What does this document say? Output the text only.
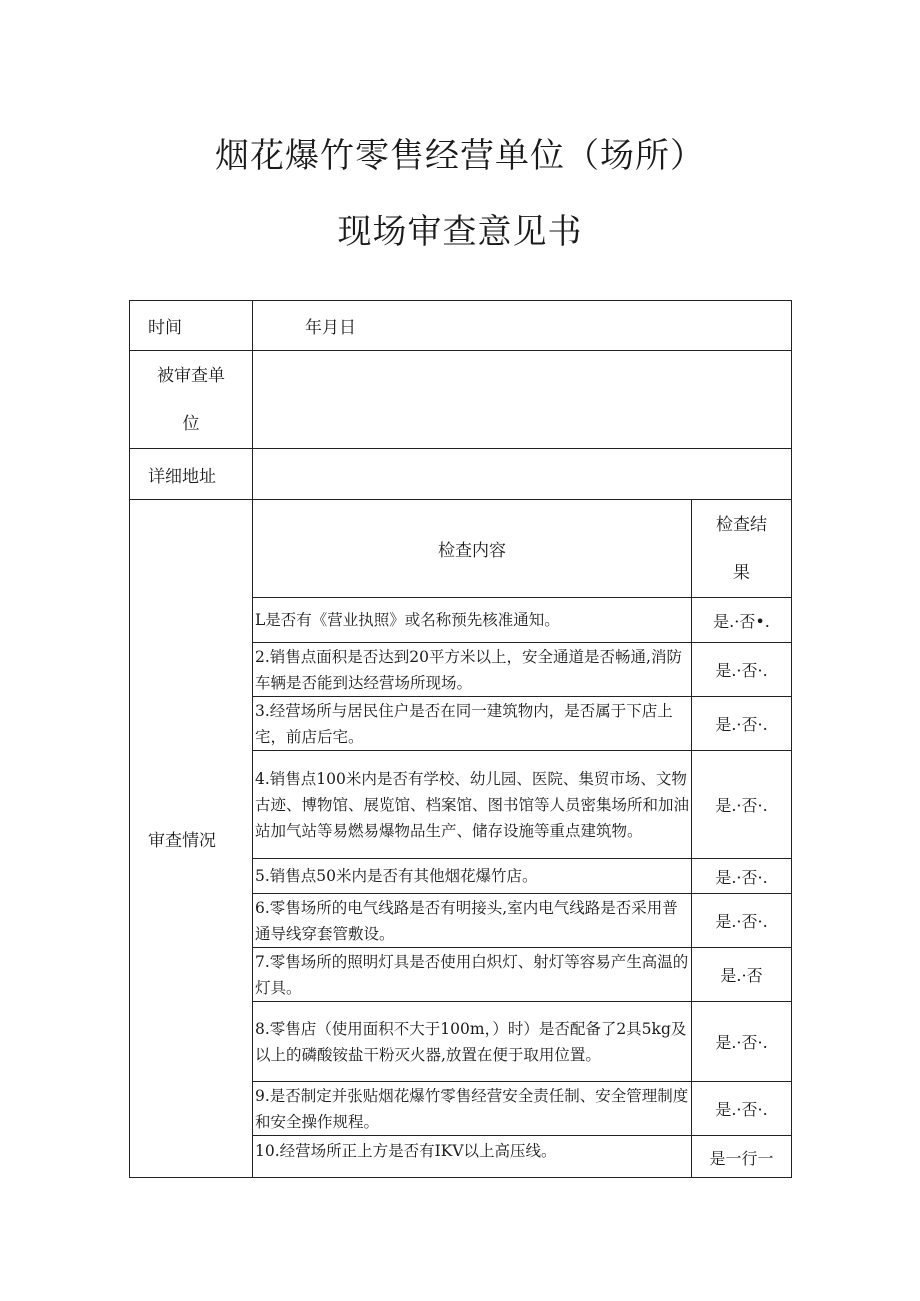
烟花爆竹零售经营单位（场所）
现场审查意见书
时间	年月日	

被审查单
位		

详细地址		
审查情况	检查内容	检查结
果

	L是否有《营业执照》或名称预先核准通知。	是.·否•.
	2.销售点面积是否达到20平方米以上，安全通道是否畅通,消防车辆是否能到达经营场所现场。	是.·否·.
	3.经营场所与居民住户是否在同一建筑物内，是否属于下店上宅，前店后宅。	是.·否·.
	4.销售点100米内是否有学校、幼儿园、医院、集贸市场、文物古迹、博物馆、展览馆、档案馆、图书馆等人员密集场所和加油站加气站等易燃易爆物品生产、储存设施等重点建筑物。	是.·否·.
	5.销售点50米内是否有其他烟花爆竹店。	是.·否·.
	6.零售场所的电气线路是否有明接头,室内电气线路是否采用普通导线穿套管敷设。	是.·否·.
	7.零售场所的照明灯具是否使用白炽灯、射灯等容易产生高温的灯具。	是.·否
	8.零售店（使用面积不大于100m，）时）是否配备了2具5kg及以上的磷酸铵盐干粉灭火器,放置在便于取用位置。	是.·否·.
	9.是否制定并张贴烟花爆竹零售经营安全责任制、安全管理制度和安全操作规程。	是.·否·.
	10.经营场所正上方是否有IKV以上高压线。	是一行一
